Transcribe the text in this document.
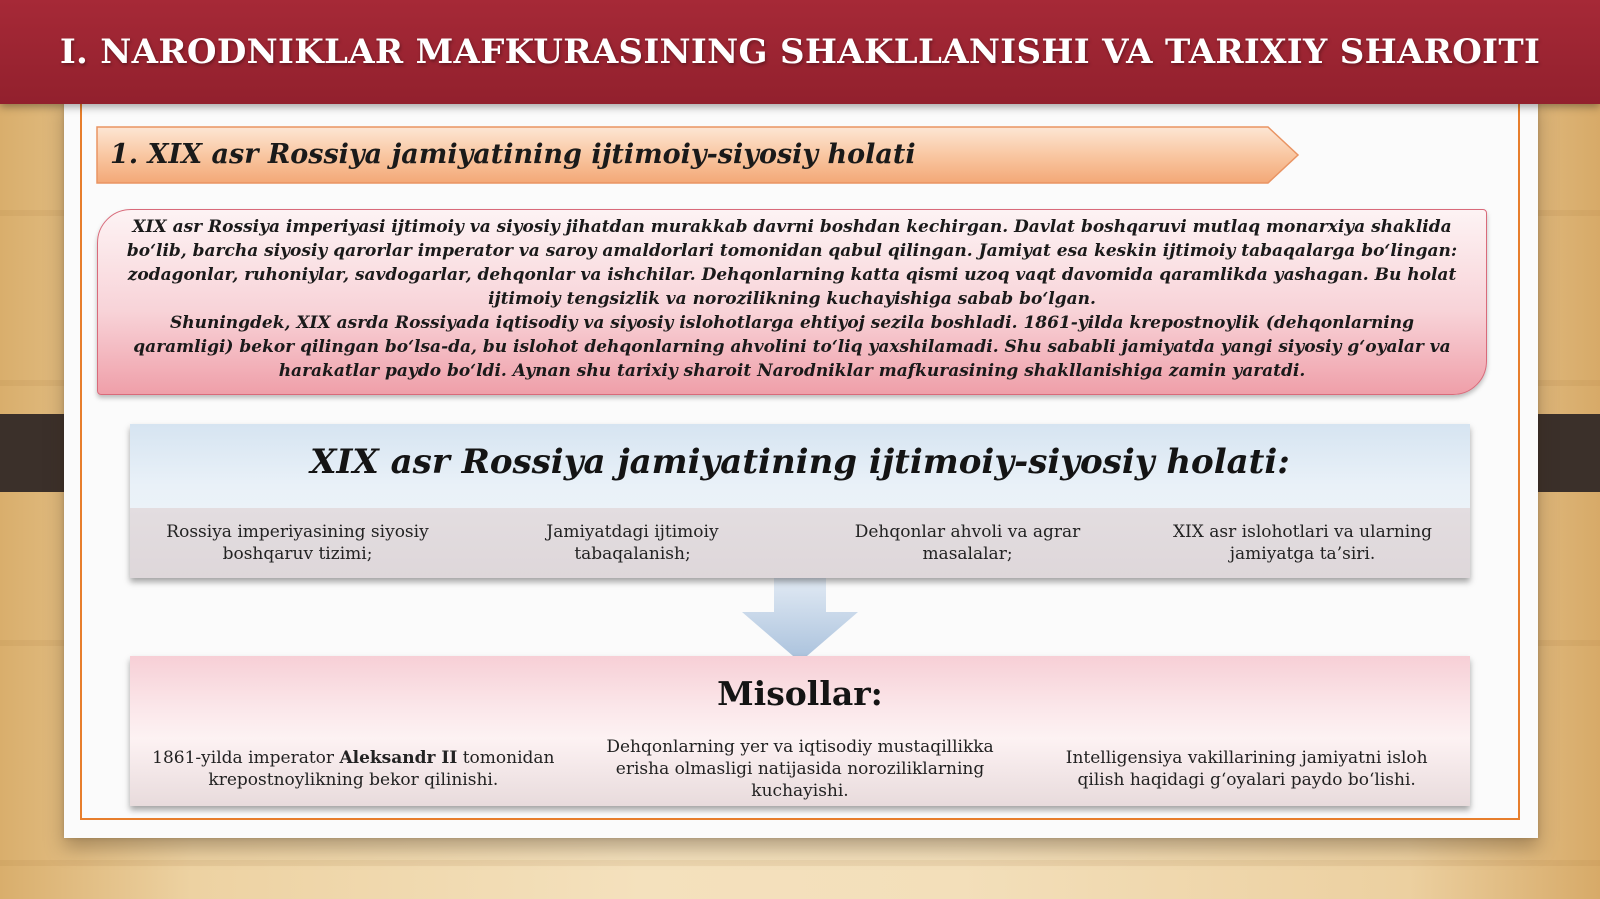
I. NARODNIKLAR MAFKURASINING SHAKLLANISHI VA TARIXIY SHAROITI
1. XIX asr Rossiya jamiyatining ijtimoiy-siyosiy holati

XIX asr Rossiya imperiyasi ijtimoiy va siyosiy jihatdan murakkab davrni boshdan kechirgan. Davlat boshqaruvi mutlaq monarxiya shaklida bo‘lib, barcha siyosiy qarorlar imperator va saroy amaldorlari tomonidan qabul qilingan. Jamiyat esa keskin ijtimoiy tabaqalarga bo‘lingan: zodagonlar, ruhoniylar, savdogarlar, dehqonlar va ishchilar. Dehqonlarning katta qismi uzoq vaqt davomida qaramlikda yashagan. Bu holat ijtimoiy tengsizlik va norozilikning kuchayishiga sabab bo‘lgan.

Shuningdek, XIX asrda Rossiyada iqtisodiy va siyosiy islohotlarga ehtiyoj sezila boshladi. 1861-yilda krepostnoylik (dehqonlarning qaramligi) bekor qilingan bo‘lsa-da, bu islohot dehqonlarning ahvolini to‘liq yaxshilamadi. Shu sababli jamiyatda yangi siyosiy g‘oyalar va harakatlar paydo bo‘ldi. Aynan shu tarixiy sharoit Narodniklar mafkurasining shakllanishiga zamin yaratdi.

XIX asr Rossiya jamiyatining ijtimoiy-siyosiy holati:
Rossiya imperiyasining siyosiy boshqaruv tizimi;
Jamiyatdagi ijtimoiy tabaqalanish;
Dehqonlar ahvoli va agrar masalalar;
XIX asr islohotlari va ularning jamiyatga ta’siri.
Misollar:
1861-yilda imperator Aleksandr II tomonidan krepostnoylikning bekor qilinishi.
Dehqonlarning yer va iqtisodiy mustaqillikka erisha olmasligi natijasida noroziliklarning kuchayishi.
Intelligensiya vakillarining jamiyatni isloh qilish haqidagi g‘oyalari paydo bo‘lishi.
